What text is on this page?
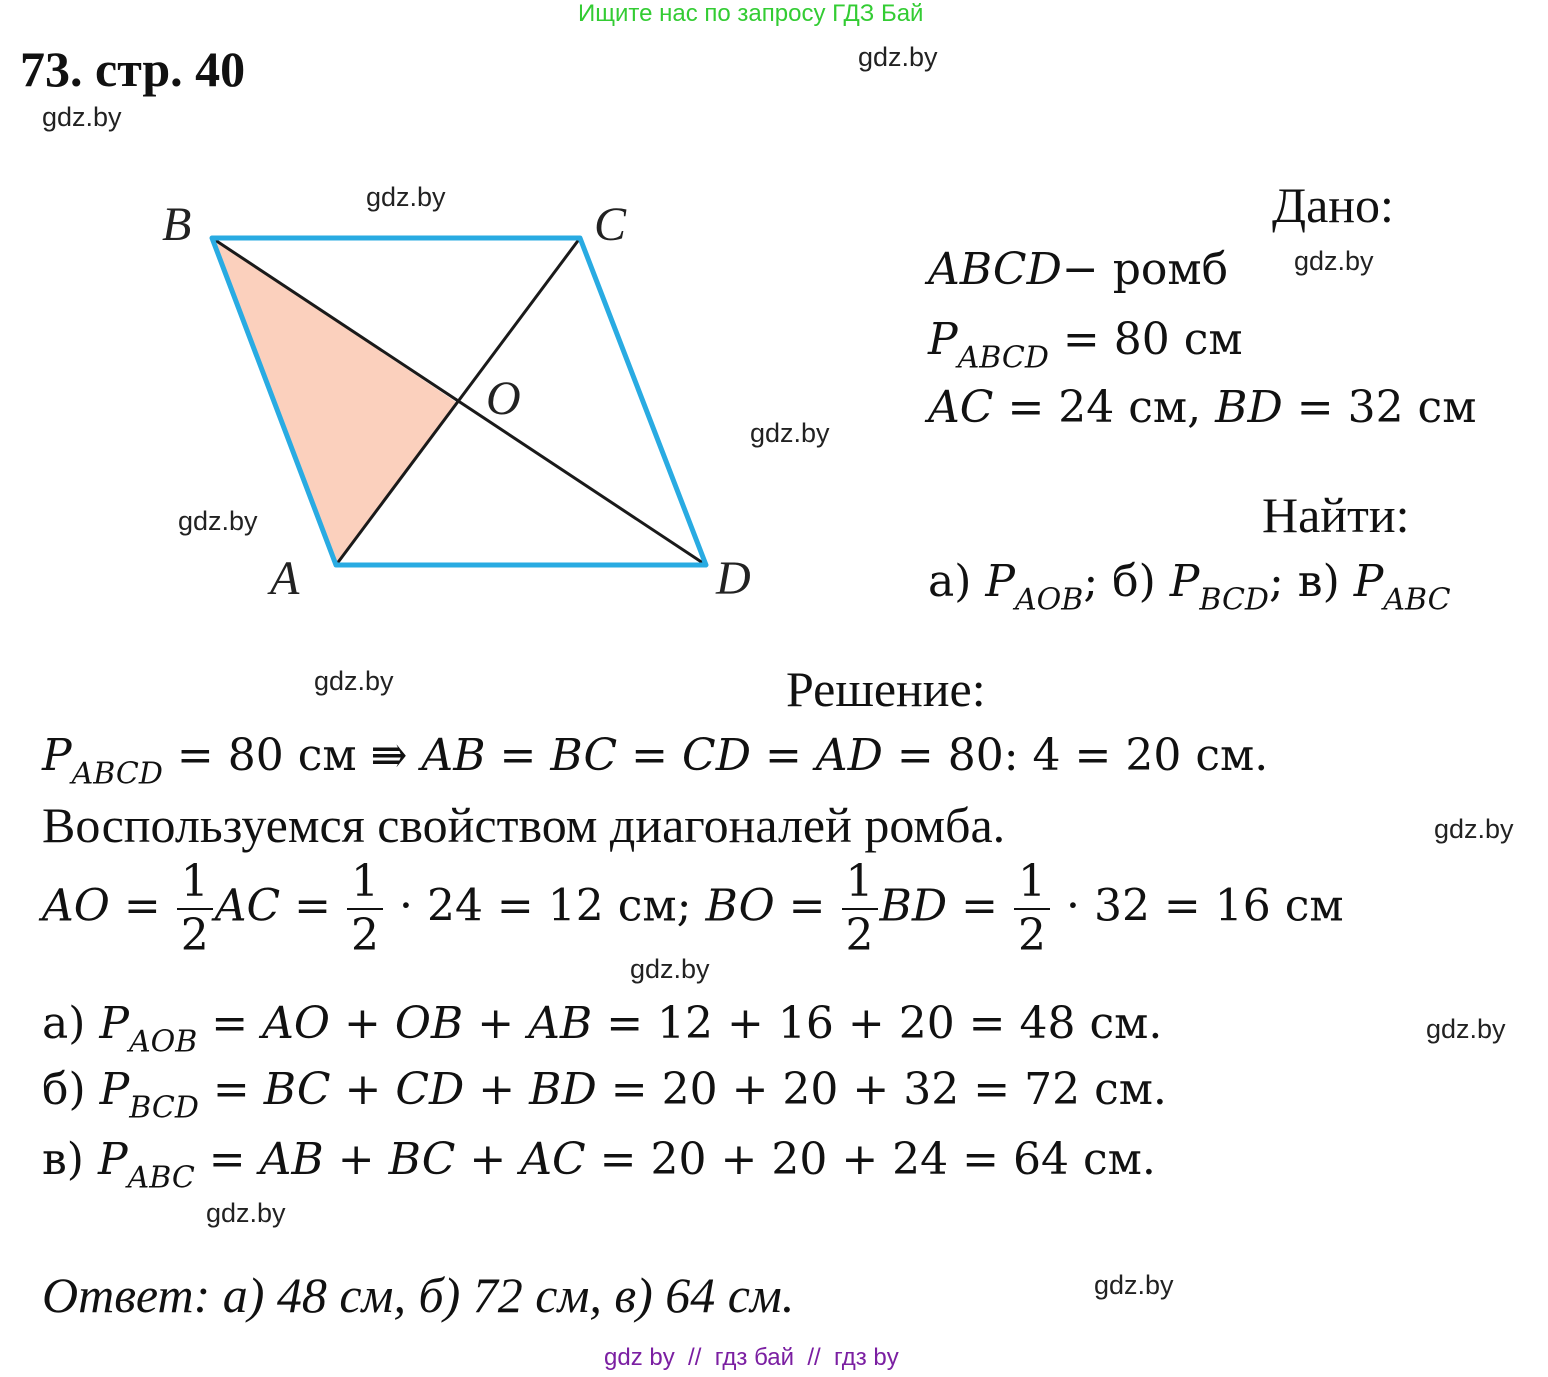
Ищите нас по запросу ГДЗ Бай
73. стр. 40	gdz.by
gdz.by
gdz.by
gdz.by
gdz.by
gdz.by
gdz.by
gdz.by
gdz.by
gdz.by
gdz.by
gdz.by
B	C
O
A	D
Дано:
ABCD− ромб
$P_{ABCD} = 80$ см
AC = 24 см, BD = 32 см
Найти:
а) $P_{AOB}$; б) $P_{BCD}$; в) $P_{ABC}$
Решение:
$P_{ABCD} = 80$ см ⇛ AB = BC = CD = AD = 80: 4 = 20 см.
Воспользуемся свойством диагоналей ромба.
AO = $\frac{1}{2}$ AC = $\frac{1}{2} \cdot 24 = 12$ см; BO = $\frac{1}{2}$ BD = $\frac{1}{2} \cdot 32 = 16$ см
а) $P_{AOB}$ = AO + OB + AB = 12 + 16 + 20 = 48 см.
б) $P_{BCD}$ = BC + CD + BD = 20 + 20 + 32 = 72 см.
в) $P_{ABC}$ = AB + BC + AC = 20 + 20 + 24 = 64 см.
Ответ: а) 48 см, б) 72 см, в) 64 см.
gdz by  //  гдз бай  //  гдз by
